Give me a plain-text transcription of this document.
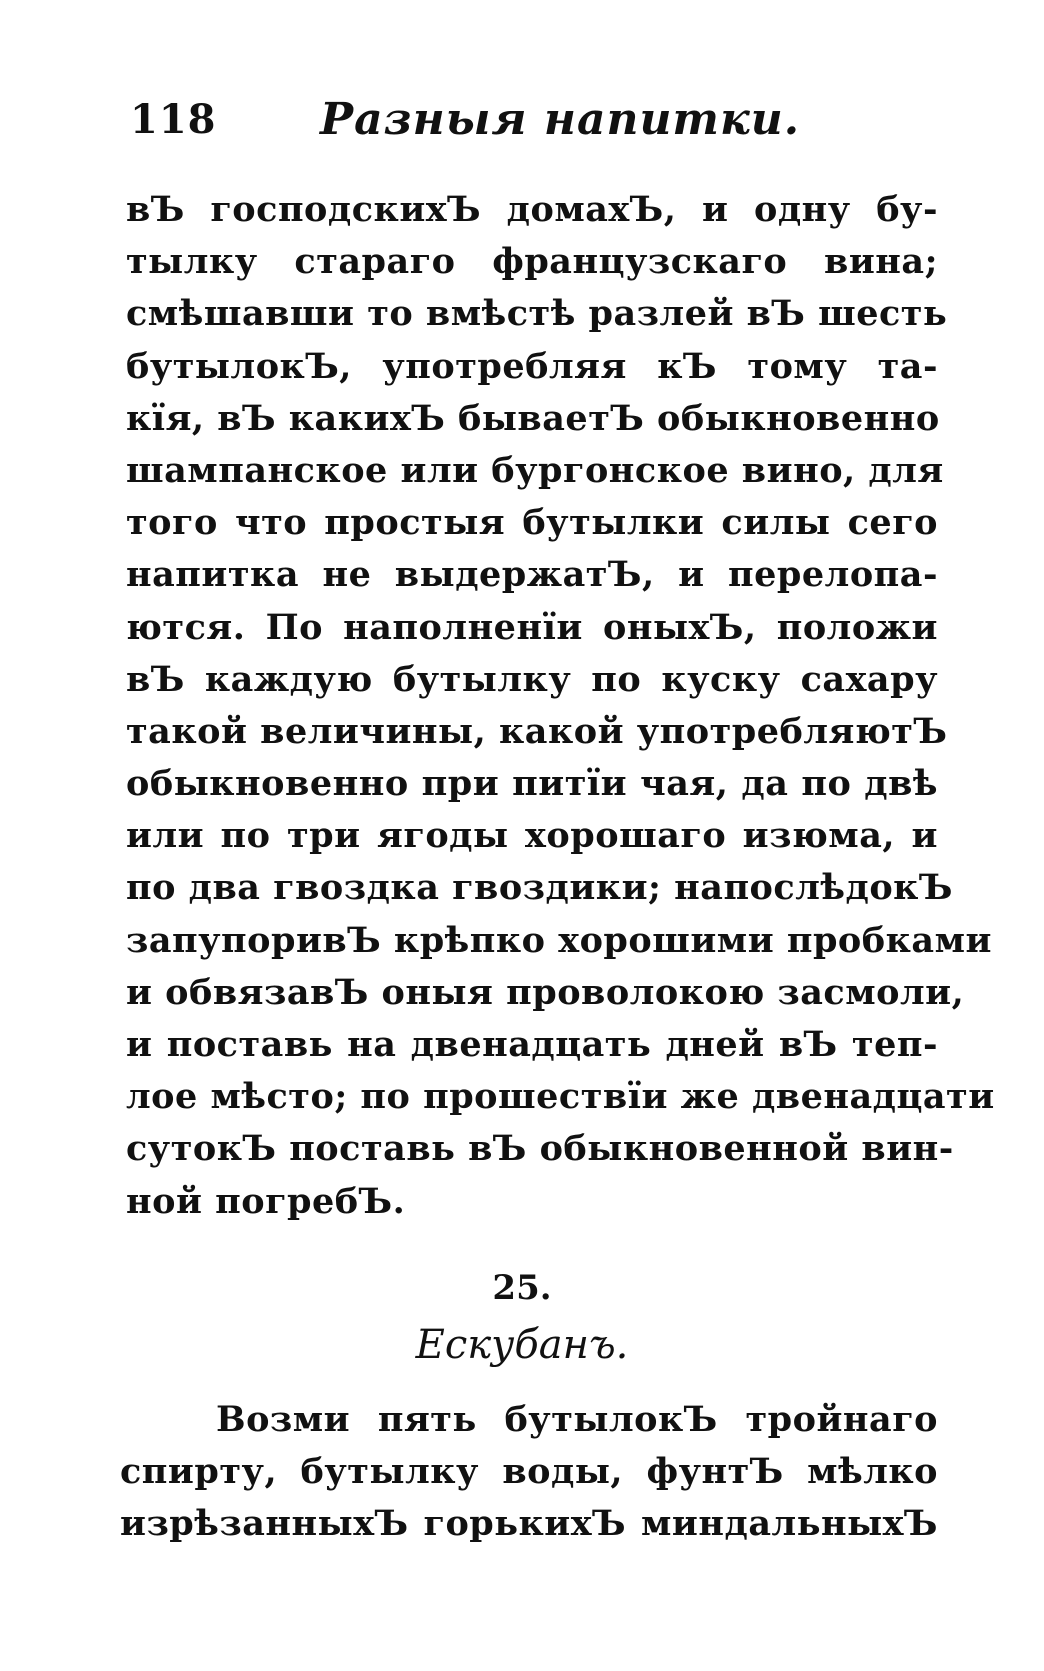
118 Разныя напитки.
вЪ господскихЪ домахЪ, и одну бу-
тылку стараго французскаго вина;
смѣшавши то вмѣстѣ разлей вЪ шесть
бутылокЪ, употребляя кЪ тому та-
кїя, вЪ какихЪ бываетЪ обыкновенно
шампанское или бургонское вино, для
того что простыя бутылки силы сего
напитка не выдержатЪ, и перелопа-
ются. По наполненїи оныхЪ, положи
вЪ каждую бутылку по куску сахару
такой величины, какой употребляютЪ
обыкновенно при питїи чая, да по двѣ
или по три ягоды хорошаго изюма, и
по два гвоздка гвоздики; напослѣдокЪ
запупоривЪ крѣпко хорошими пробками
и обвязавЪ оныя проволокою засмоли,
и поставь на двенадцать дней вЪ теп-
лое мѣсто; по прошествїи же двенадцати
сутокЪ поставь вЪ обыкновенной вин-
ной погребЪ.
25.
Ескубанъ.
Возми пять бутылокЪ тройнаго
спирту, бутылку воды, фунтЪ мѣлко
изрѣзанныхЪ горькихЪ миндальныхЪ
